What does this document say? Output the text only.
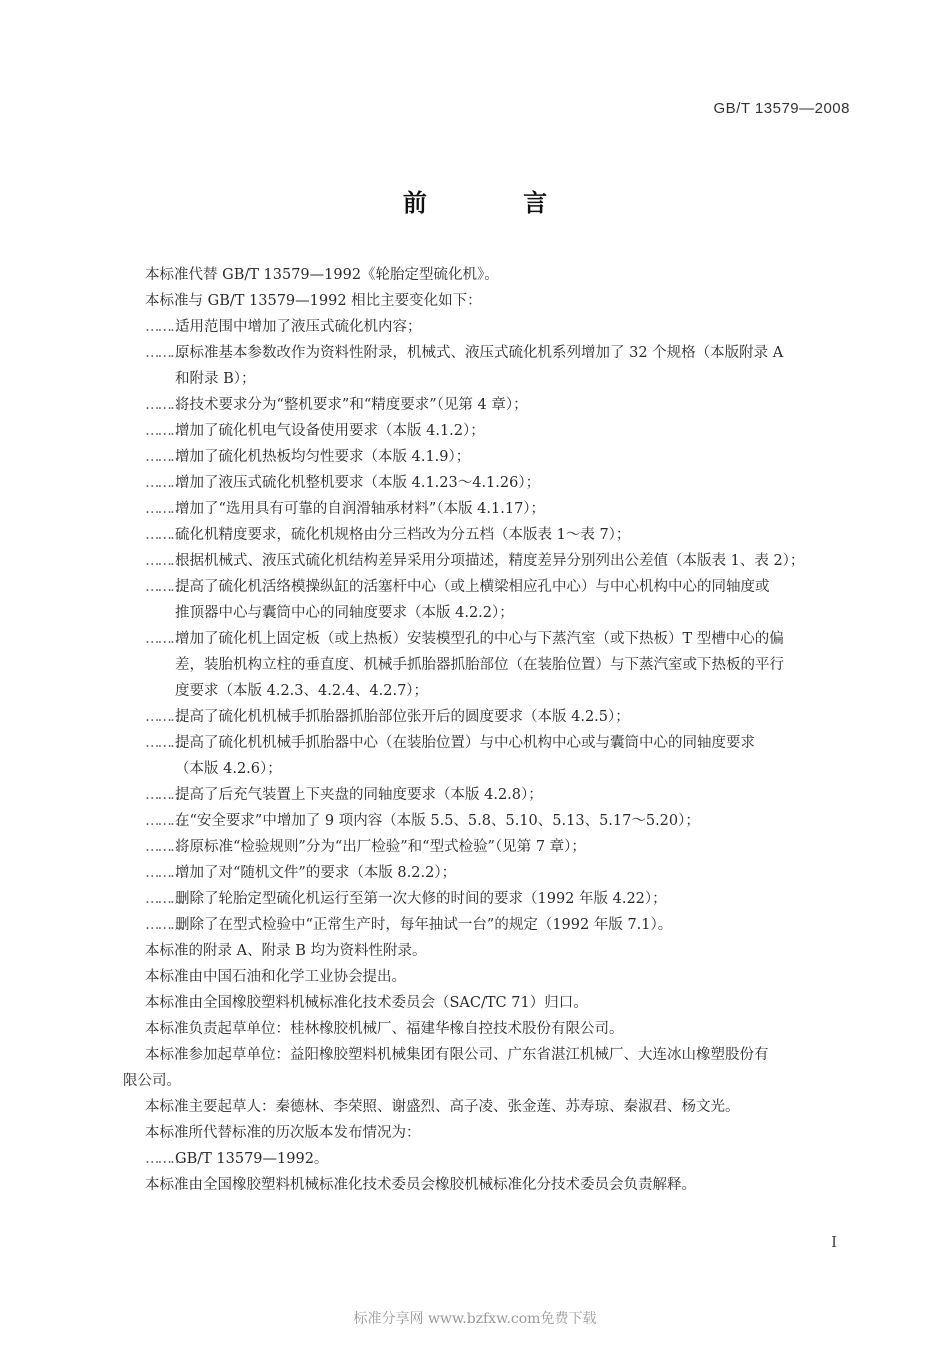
GB/T 13579—2008
前 言
本标准代替 GB/T 13579—1992《轮胎定型硫化机》。
本标准与 GB/T 13579—1992 相比主要变化如下：
………
适用范围中增加了液压式硫化机内容；
………
原标准基本参数改作为资料性附录，机械式、液压式硫化机系列增加了 32 个规格（本版附录 A
和附录 B）；
………
将技术要求分为“整机要求”和“精度要求”（见第 4 章）；
………
增加了硫化机电气设备使用要求（本版 4.1.2）；
………
增加了硫化机热板均匀性要求（本版 4.1.9）；
………
增加了液压式硫化机整机要求（本版 4.1.23～4.1.26）；
………
增加了“选用具有可靠的自润滑轴承材料”（本版 4.1.17）；
………
硫化机精度要求，硫化机规格由分三档改为分五档（本版表 1～表 7）；
………
根据机械式、液压式硫化机结构差异采用分项描述，精度差异分别列出公差值（本版表 1、表 2）；
………
提高了硫化机活络模操纵缸的活塞杆中心（或上横梁相应孔中心）与中心机构中心的同轴度或
推顶器中心与囊筒中心的同轴度要求（本版 4.2.2）；
………
增加了硫化机上固定板（或上热板）安装模型孔的中心与下蒸汽室（或下热板）T 型槽中心的偏
差，装胎机构立柱的垂直度、机械手抓胎器抓胎部位（在装胎位置）与下蒸汽室或下热板的平行
度要求（本版 4.2.3、4.2.4、4.2.7）；
………
提高了硫化机机械手抓胎器抓胎部位张开后的圆度要求（本版 4.2.5）；
………
提高了硫化机机械手抓胎器中心（在装胎位置）与中心机构中心或与囊筒中心的同轴度要求
（本版 4.2.6）；
………
提高了后充气装置上下夹盘的同轴度要求（本版 4.2.8）；
………
在“安全要求”中增加了 9 项内容（本版 5.5、5.8、5.10、5.13、5.17～5.20）；
………
将原标准“检验规则”分为“出厂检验”和“型式检验”（见第 7 章）；
………
增加了对“随机文件”的要求（本版 8.2.2）；
………
删除了轮胎定型硫化机运行至第一次大修的时间的要求（1992 年版 4.22）；
………
删除了在型式检验中“正常生产时，每年抽试一台”的规定（1992 年版 7.1）。
本标准的附录 A、附录 B 均为资料性附录。
本标准由中国石油和化学工业协会提出。
本标准由全国橡胶塑料机械标准化技术委员会（SAC/TC 71）归口。
本标准负责起草单位：桂林橡胶机械厂、福建华橡自控技术股份有限公司。
本标准参加起草单位：益阳橡胶塑料机械集团有限公司、广东省湛江机械厂、大连冰山橡塑股份有
限公司。
本标准主要起草人：秦德林、李荣照、谢盛烈、高子凌、张金莲、苏寿琼、秦淑君、杨文光。
本标准所代替标准的历次版本发布情况为：
………
GB/T 13579—1992。
本标准由全国橡胶塑料机械标准化技术委员会橡胶机械标准化分技术委员会负责解释。
I
标准分享网 www.bzfxw.com免费下载
